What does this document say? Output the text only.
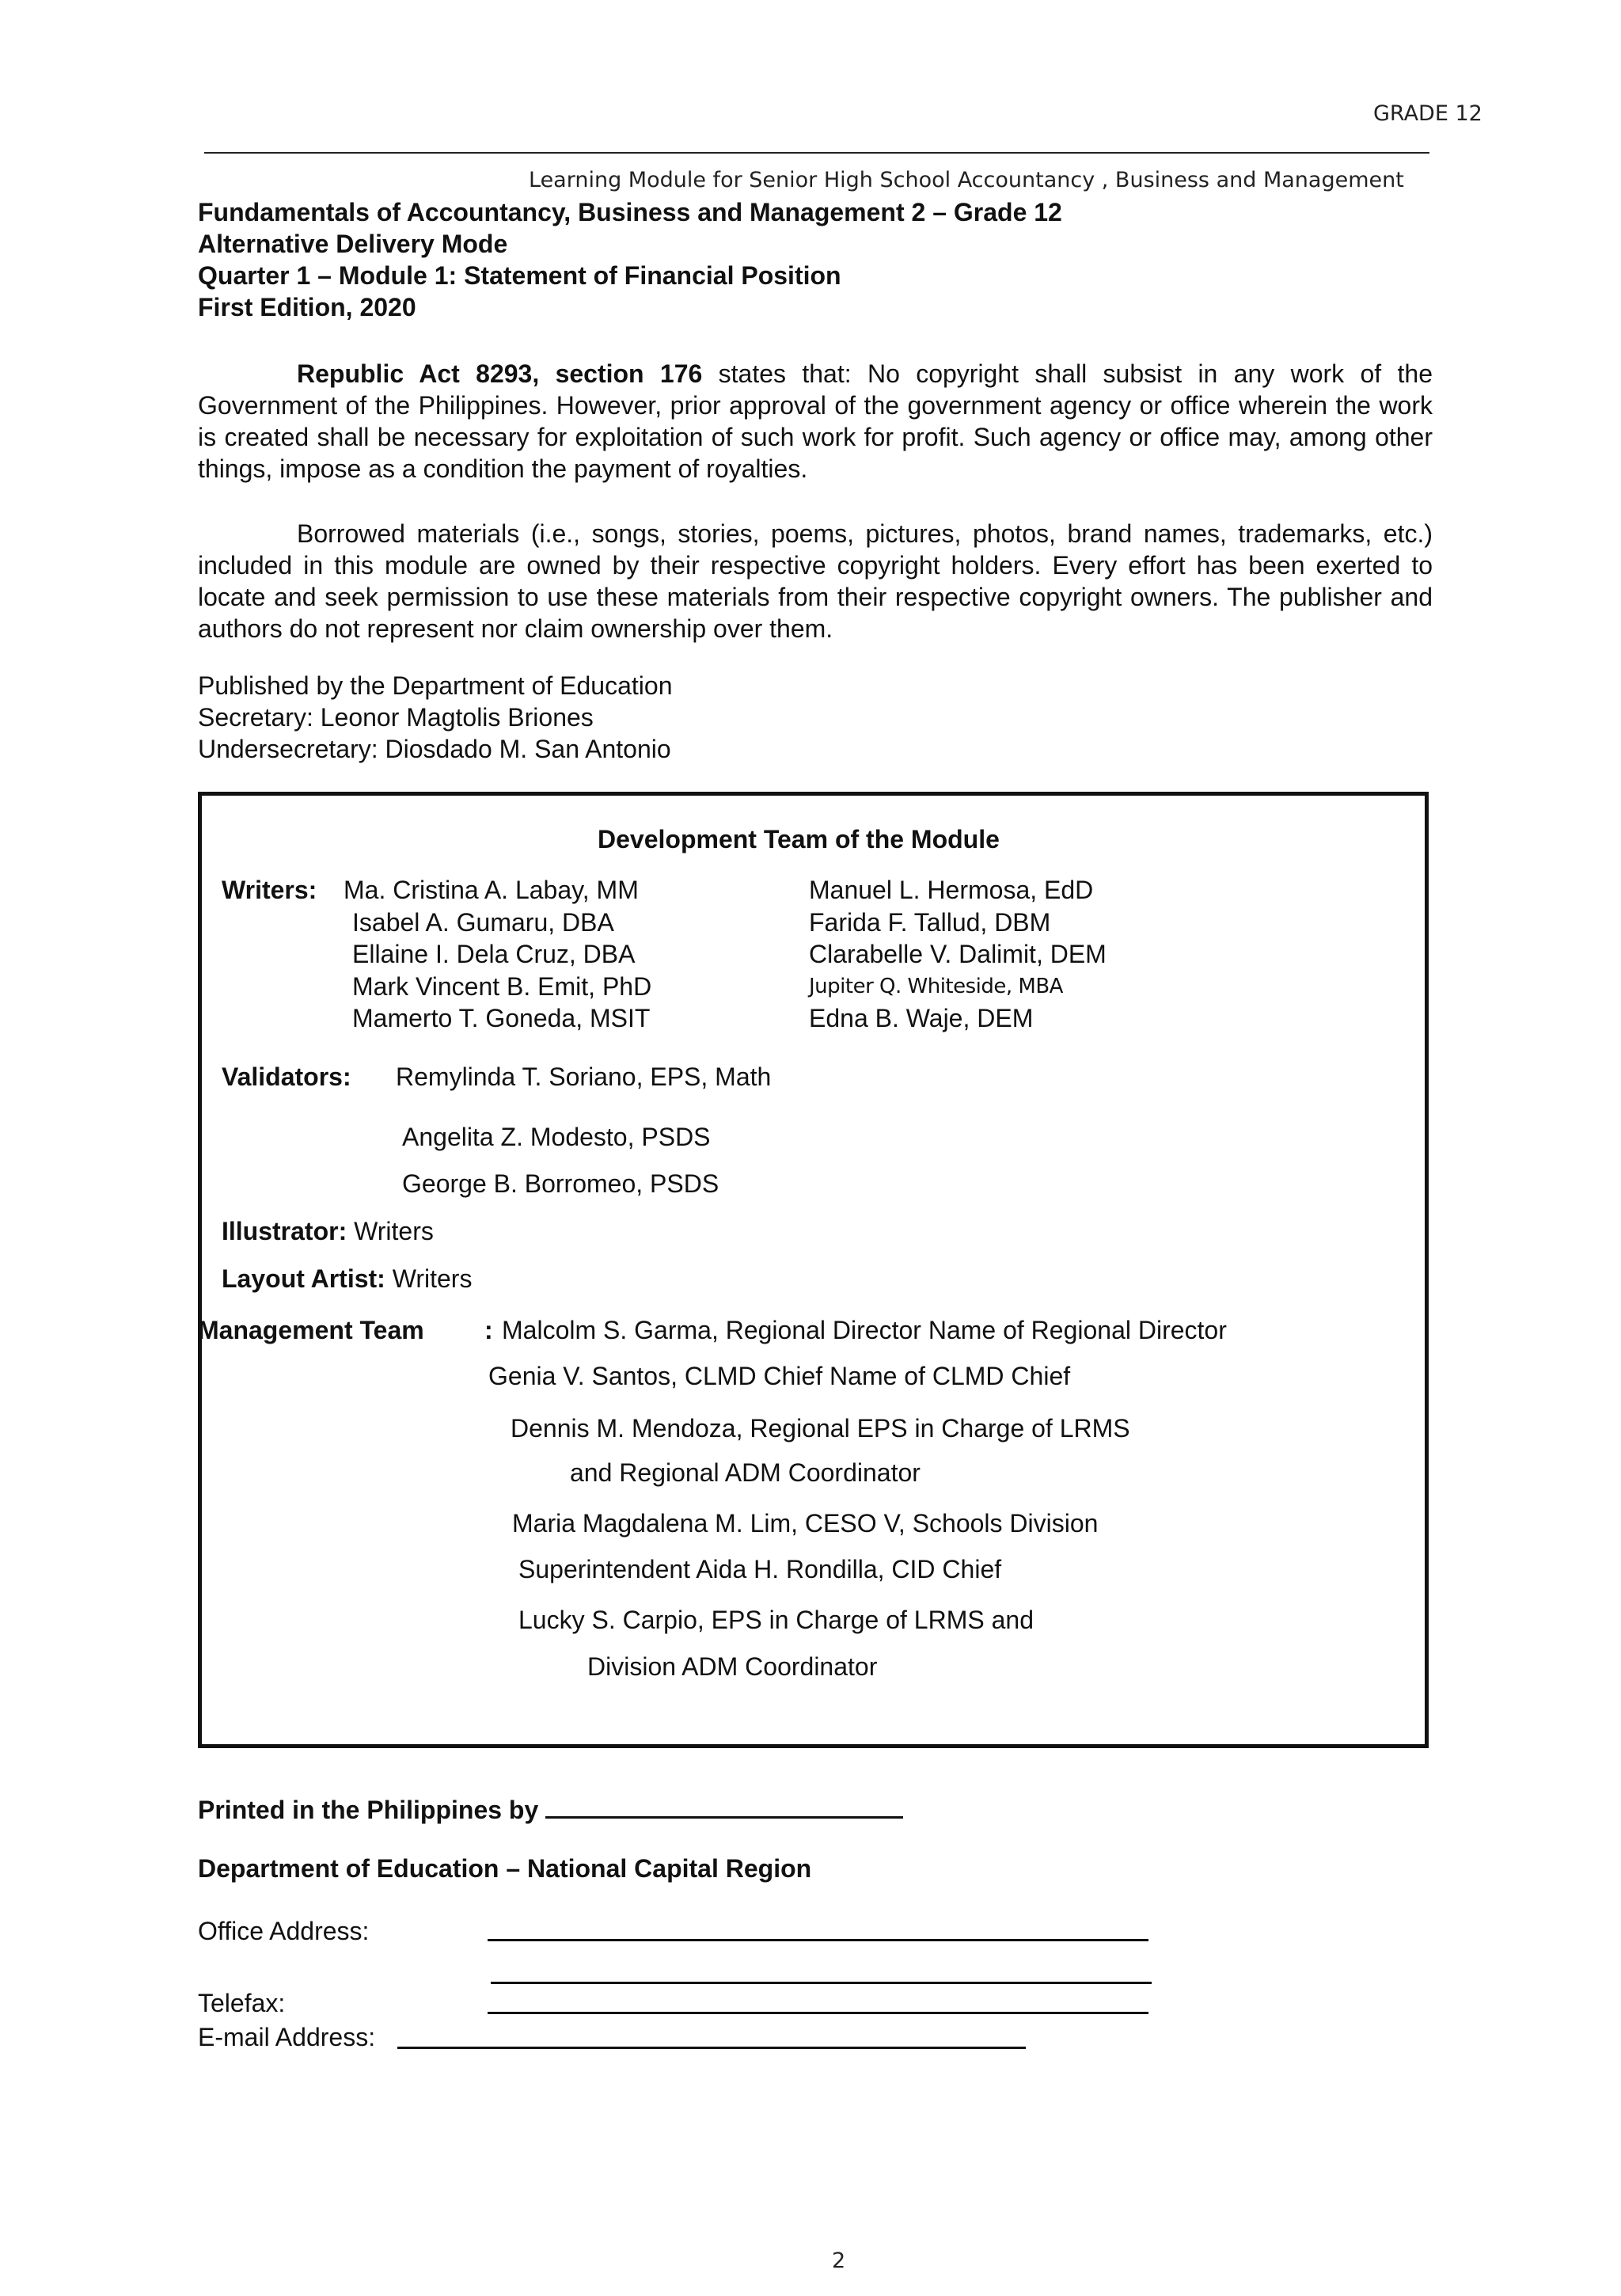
GRADE 12
Learning Module for Senior High School Accountancy , Business and Management
Fundamentals of Accountancy, Business and Management 2 – Grade 12
Alternative Delivery Mode
Quarter 1 – Module 1: Statement of Financial Position
First Edition, 2020
Republic Act 8293, section 176 states that: No copyright shall subsist in any work of the Government of the Philippines. However, prior approval of the government agency or office wherein the work is created shall be necessary for exploitation of such work for profit. Such agency or office may, among other things, impose as a condition the payment of royalties.
Borrowed materials (i.e., songs, stories, poems, pictures, photos, brand names, trademarks, etc.) included in this module are owned by their respective copyright holders. Every effort has been exerted to locate and seek permission to use these materials from their respective copyright owners. The publisher and authors do not represent nor claim ownership over them.
Published by the Department of Education
Secretary: Leonor Magtolis Briones
Undersecretary: Diosdado M. San Antonio
Development Team of the Module
Writers: Ma. Cristina A. Labay, MM
Isabel A. Gumaru, DBA
Ellaine I. Dela Cruz, DBA
Mark Vincent B. Emit, PhD
Mamerto T. Goneda, MSIT
Manuel L. Hermosa, EdD
Farida F. Tallud, DBM
Clarabelle V. Dalimit, DEM
Jupiter Q. Whiteside, MBA
Edna B. Waje, DEM
Validators: Remylinda T. Soriano, EPS, Math
Angelita Z. Modesto, PSDS
George B. Borromeo, PSDS
Illustrator: Writers
Layout Artist: Writers
Management Team : Malcolm S. Garma, Regional Director Name of Regional Director
Genia V. Santos, CLMD Chief Name of CLMD Chief
Dennis M. Mendoza, Regional EPS in Charge of LRMS
and Regional ADM Coordinator
Maria Magdalena M. Lim, CESO V, Schools Division
Superintendent Aida H. Rondilla, CID Chief
Lucky S. Carpio, EPS in Charge of LRMS and
Division ADM Coordinator
Printed in the Philippines by
Department of Education – National Capital Region
Office Address:
Telefax:
E-mail Address:
2
